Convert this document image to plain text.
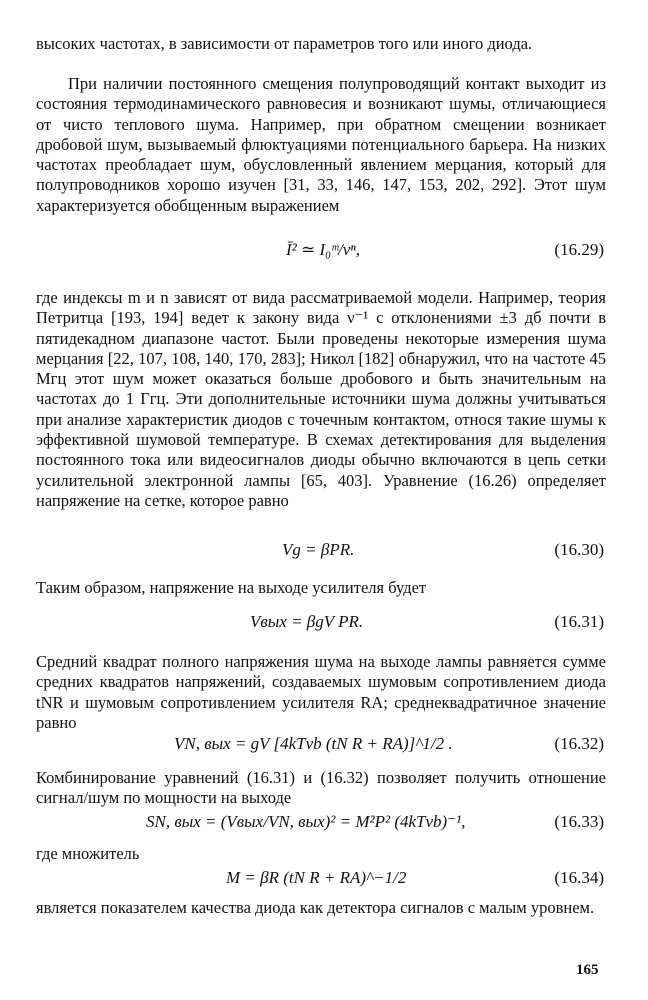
высоких частотах, в зависимости от параметров того или иного диода.

При наличии постоянного смещения полупроводящий контакт выходит из состояния термодинамического равновесия и возникают шумы, отличающиеся от чисто теплового шума. Например, при обратном смещении возникает дробовой шум, вызываемый флюктуациями потенциального барьера. На низких частотах преобладает шум, обусловленный явлением мерцания, который для полупроводников хорошо изучен [31, 33, 146, 147, 153, 202, 292]. Этот шум характеризуется обобщенным выражением

Ī² ≃ I₀ᵐ/νⁿ,	(16.29)

где индексы m и n зависят от вида рассматриваемой модели. Например, теория Петритца [193, 194] ведет к закону вида ν⁻¹ с отклонениями ±3 дб почти в пятидекадном диапазоне частот. Были проведены некоторые измерения шума мерцания [22, 107, 108, 140, 170, 283]; Никол [182] обнаружил, что на частоте 45 Мгц этот шум может оказаться больше дробового и быть значительным на частотах до 1 Ггц. Эти дополнительные источники шума должны учитываться при анализе характеристик диодов с точечным контактом, относя такие шумы к эффективной шумовой температуре. В схемах детектирования для выделения постоянного тока или видеосигналов диоды обычно включаются в цепь сетки усилительной электронной лампы [65, 403]. Уравнение (16.26) определяет напряжение на сетке, которое равно

Vg = βPR.	(16.30)

Таким образом, напряжение на выходе усилителя будет

Vвых = βgV PR.	(16.31)

Средний квадрат полного напряжения шума на выходе лампы равняется сумме средних квадратов напряжений, создаваемых шумовым сопротивлением диода tNR и шумовым сопротивлением усилителя RA; среднеквадратичное значение равно

VN, вых = gV [4kTνb (tN R + RA)]^1/2 .	(16.32)

Комбинирование уравнений (16.31) и (16.32) позволяет получить отношение сигнал/шум по мощности на выходе

SN, вых = (Vвых/VN, вых)² = M²P² (4kTνb)⁻¹,	(16.33)

где множитель

M = βR (tN R + RA)^−1/2	(16.34)

является показателем качества диода как детектора сигналов с малым уровнем.

165
